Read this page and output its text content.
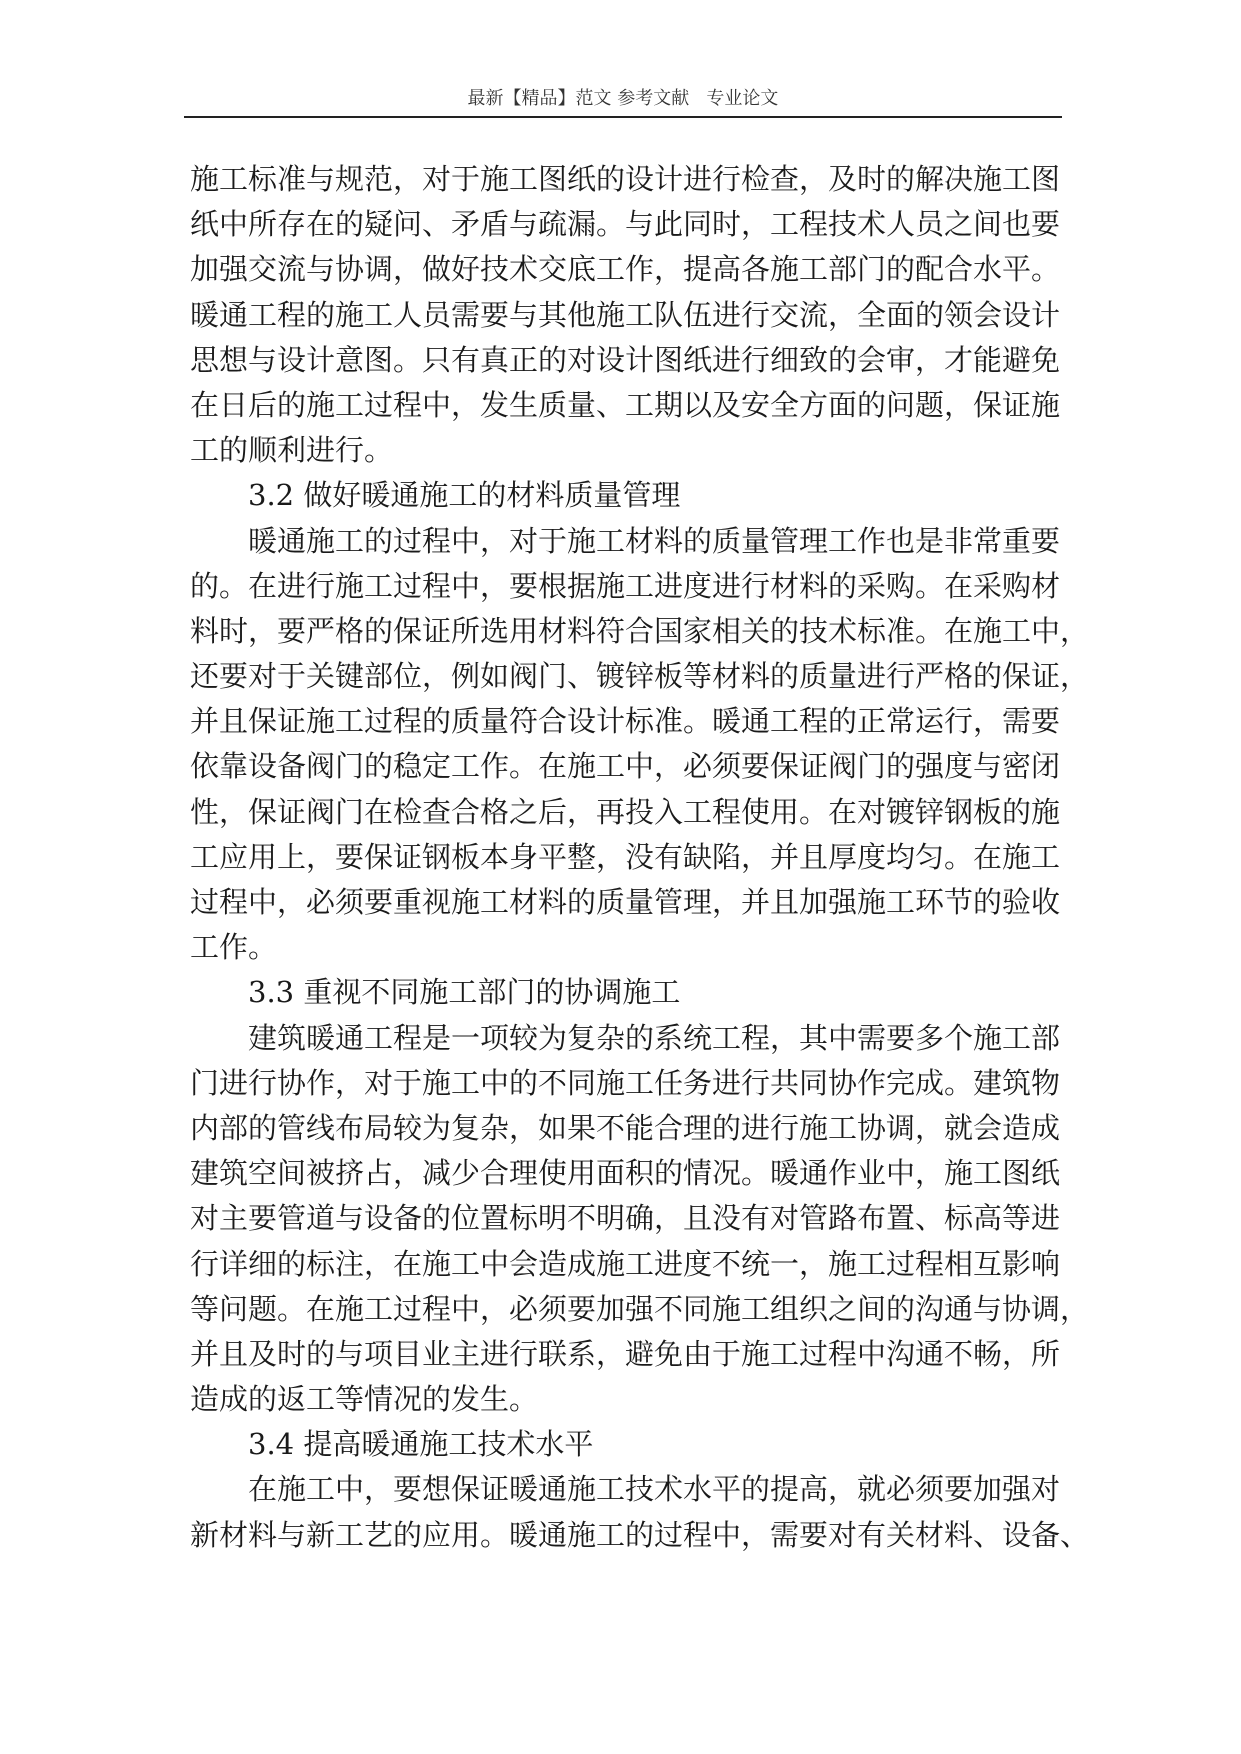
最新【精品】范文 参考文献   专业论文
施工标准与规范，对于施工图纸的设计进行检查，及时的解决施工图
纸中所存在的疑问、矛盾与疏漏。与此同时，工程技术人员之间也要
加强交流与协调，做好技术交底工作，提高各施工部门的配合水平。
暖通工程的施工人员需要与其他施工队伍进行交流，全面的领会设计
思想与设计意图。只有真正的对设计图纸进行细致的会审，才能避免
在日后的施工过程中，发生质量、工期以及安全方面的问题，保证施
工的顺利进行。
3.2 做好暖通施工的材料质量管理
暖通施工的过程中，对于施工材料的质量管理工作也是非常重要
的。在进行施工过程中，要根据施工进度进行材料的采购。在采购材
料时，要严格的保证所选用材料符合国家相关的技术标准。在施工中，
还要对于关键部位，例如阀门、镀锌板等材料的质量进行严格的保证，
并且保证施工过程的质量符合设计标准。暖通工程的正常运行，需要
依靠设备阀门的稳定工作。在施工中，必须要保证阀门的强度与密闭
性，保证阀门在检查合格之后，再投入工程使用。在对镀锌钢板的施
工应用上，要保证钢板本身平整，没有缺陷，并且厚度均匀。在施工
过程中，必须要重视施工材料的质量管理，并且加强施工环节的验收
工作。
3.3 重视不同施工部门的协调施工
建筑暖通工程是一项较为复杂的系统工程，其中需要多个施工部
门进行协作，对于施工中的不同施工任务进行共同协作完成。建筑物
内部的管线布局较为复杂，如果不能合理的进行施工协调，就会造成
建筑空间被挤占，减少合理使用面积的情况。暖通作业中，施工图纸
对主要管道与设备的位置标明不明确，且没有对管路布置、标高等进
行详细的标注，在施工中会造成施工进度不统一，施工过程相互影响
等问题。在施工过程中，必须要加强不同施工组织之间的沟通与协调，
并且及时的与项目业主进行联系，避免由于施工过程中沟通不畅，所
造成的返工等情况的发生。
3.4 提高暖通施工技术水平
在施工中，要想保证暖通施工技术水平的提高，就必须要加强对
新材料与新工艺的应用。暖通施工的过程中，需要对有关材料、设备、
